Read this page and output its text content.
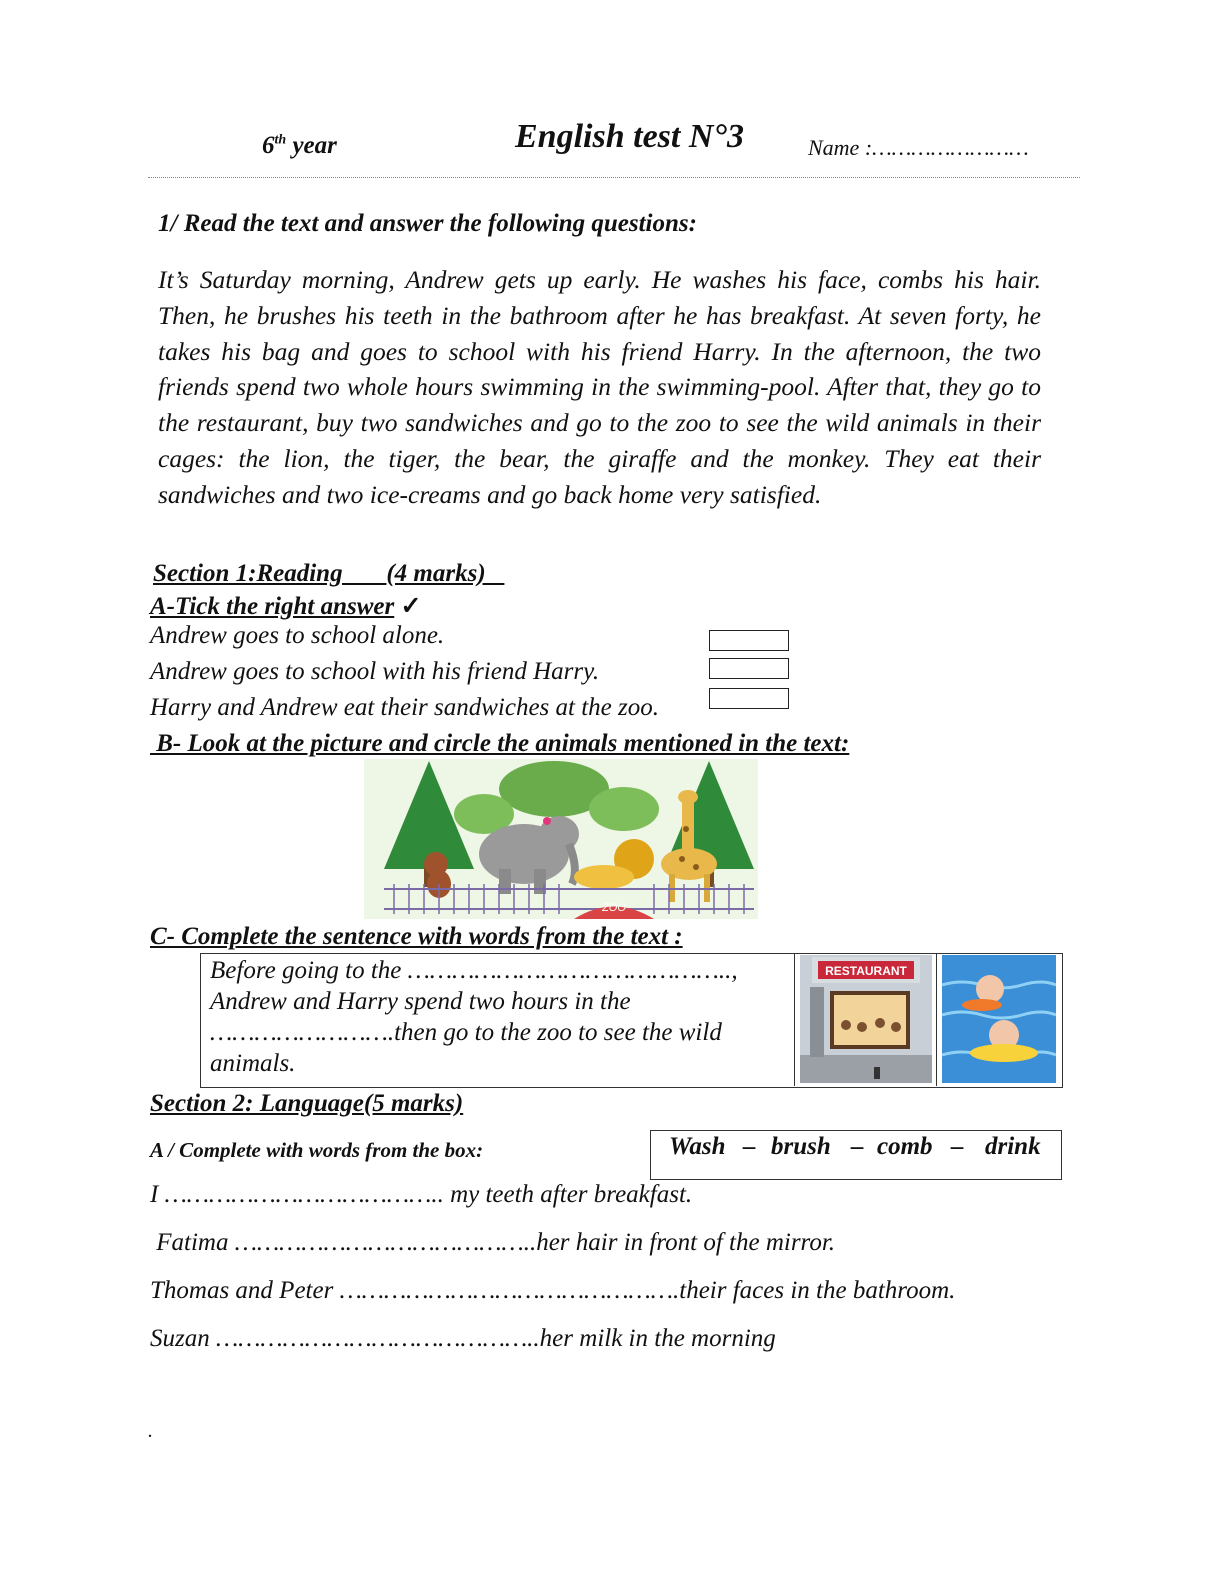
6th year	English test N°3	Name :……………………
1/ Read the text and answer the following questions:
It’s Saturday morning, Andrew gets up early. He washes his face, combs his hair. Then, he brushes his teeth in the bathroom after he has breakfast. At seven forty, he takes his bag and goes to school with his friend Harry. In the afternoon, the two friends spend two whole hours swimming in the swimming-pool. After that, they go to the restaurant, buy two sandwiches and go to the zoo to see the wild animals in their cages: the lion, the tiger, the bear, the giraffe and the monkey. They eat their sandwiches and two ice-creams and go back home very satisfied.
Section 1:Reading       (4 marks)
A-Tick the right answer ✓
Andrew goes to school alone.
Andrew goes to school with his friend Harry.
Harry and Andrew eat their sandwiches at the zoo.
B- Look at the picture and circle the animals mentioned in the text:
ZOO
C- Complete the sentence with words from the text :
Before going to the ……………………………………..,
Andrew and Harry spend two hours in the
…………………….then go to the zoo to see the wild
animals.
RESTAURANT
Section 2: Language(5 marks)
A / Complete with words from the box:	Wash – brush – comb – drink
I ……………………………….. my teeth after breakfast.
Fatima …………………………………..her hair in front of the mirror.
Thomas and Peter ……………………………………….their faces in the bathroom.
Suzan ……………………………………..her milk in the morning
.
